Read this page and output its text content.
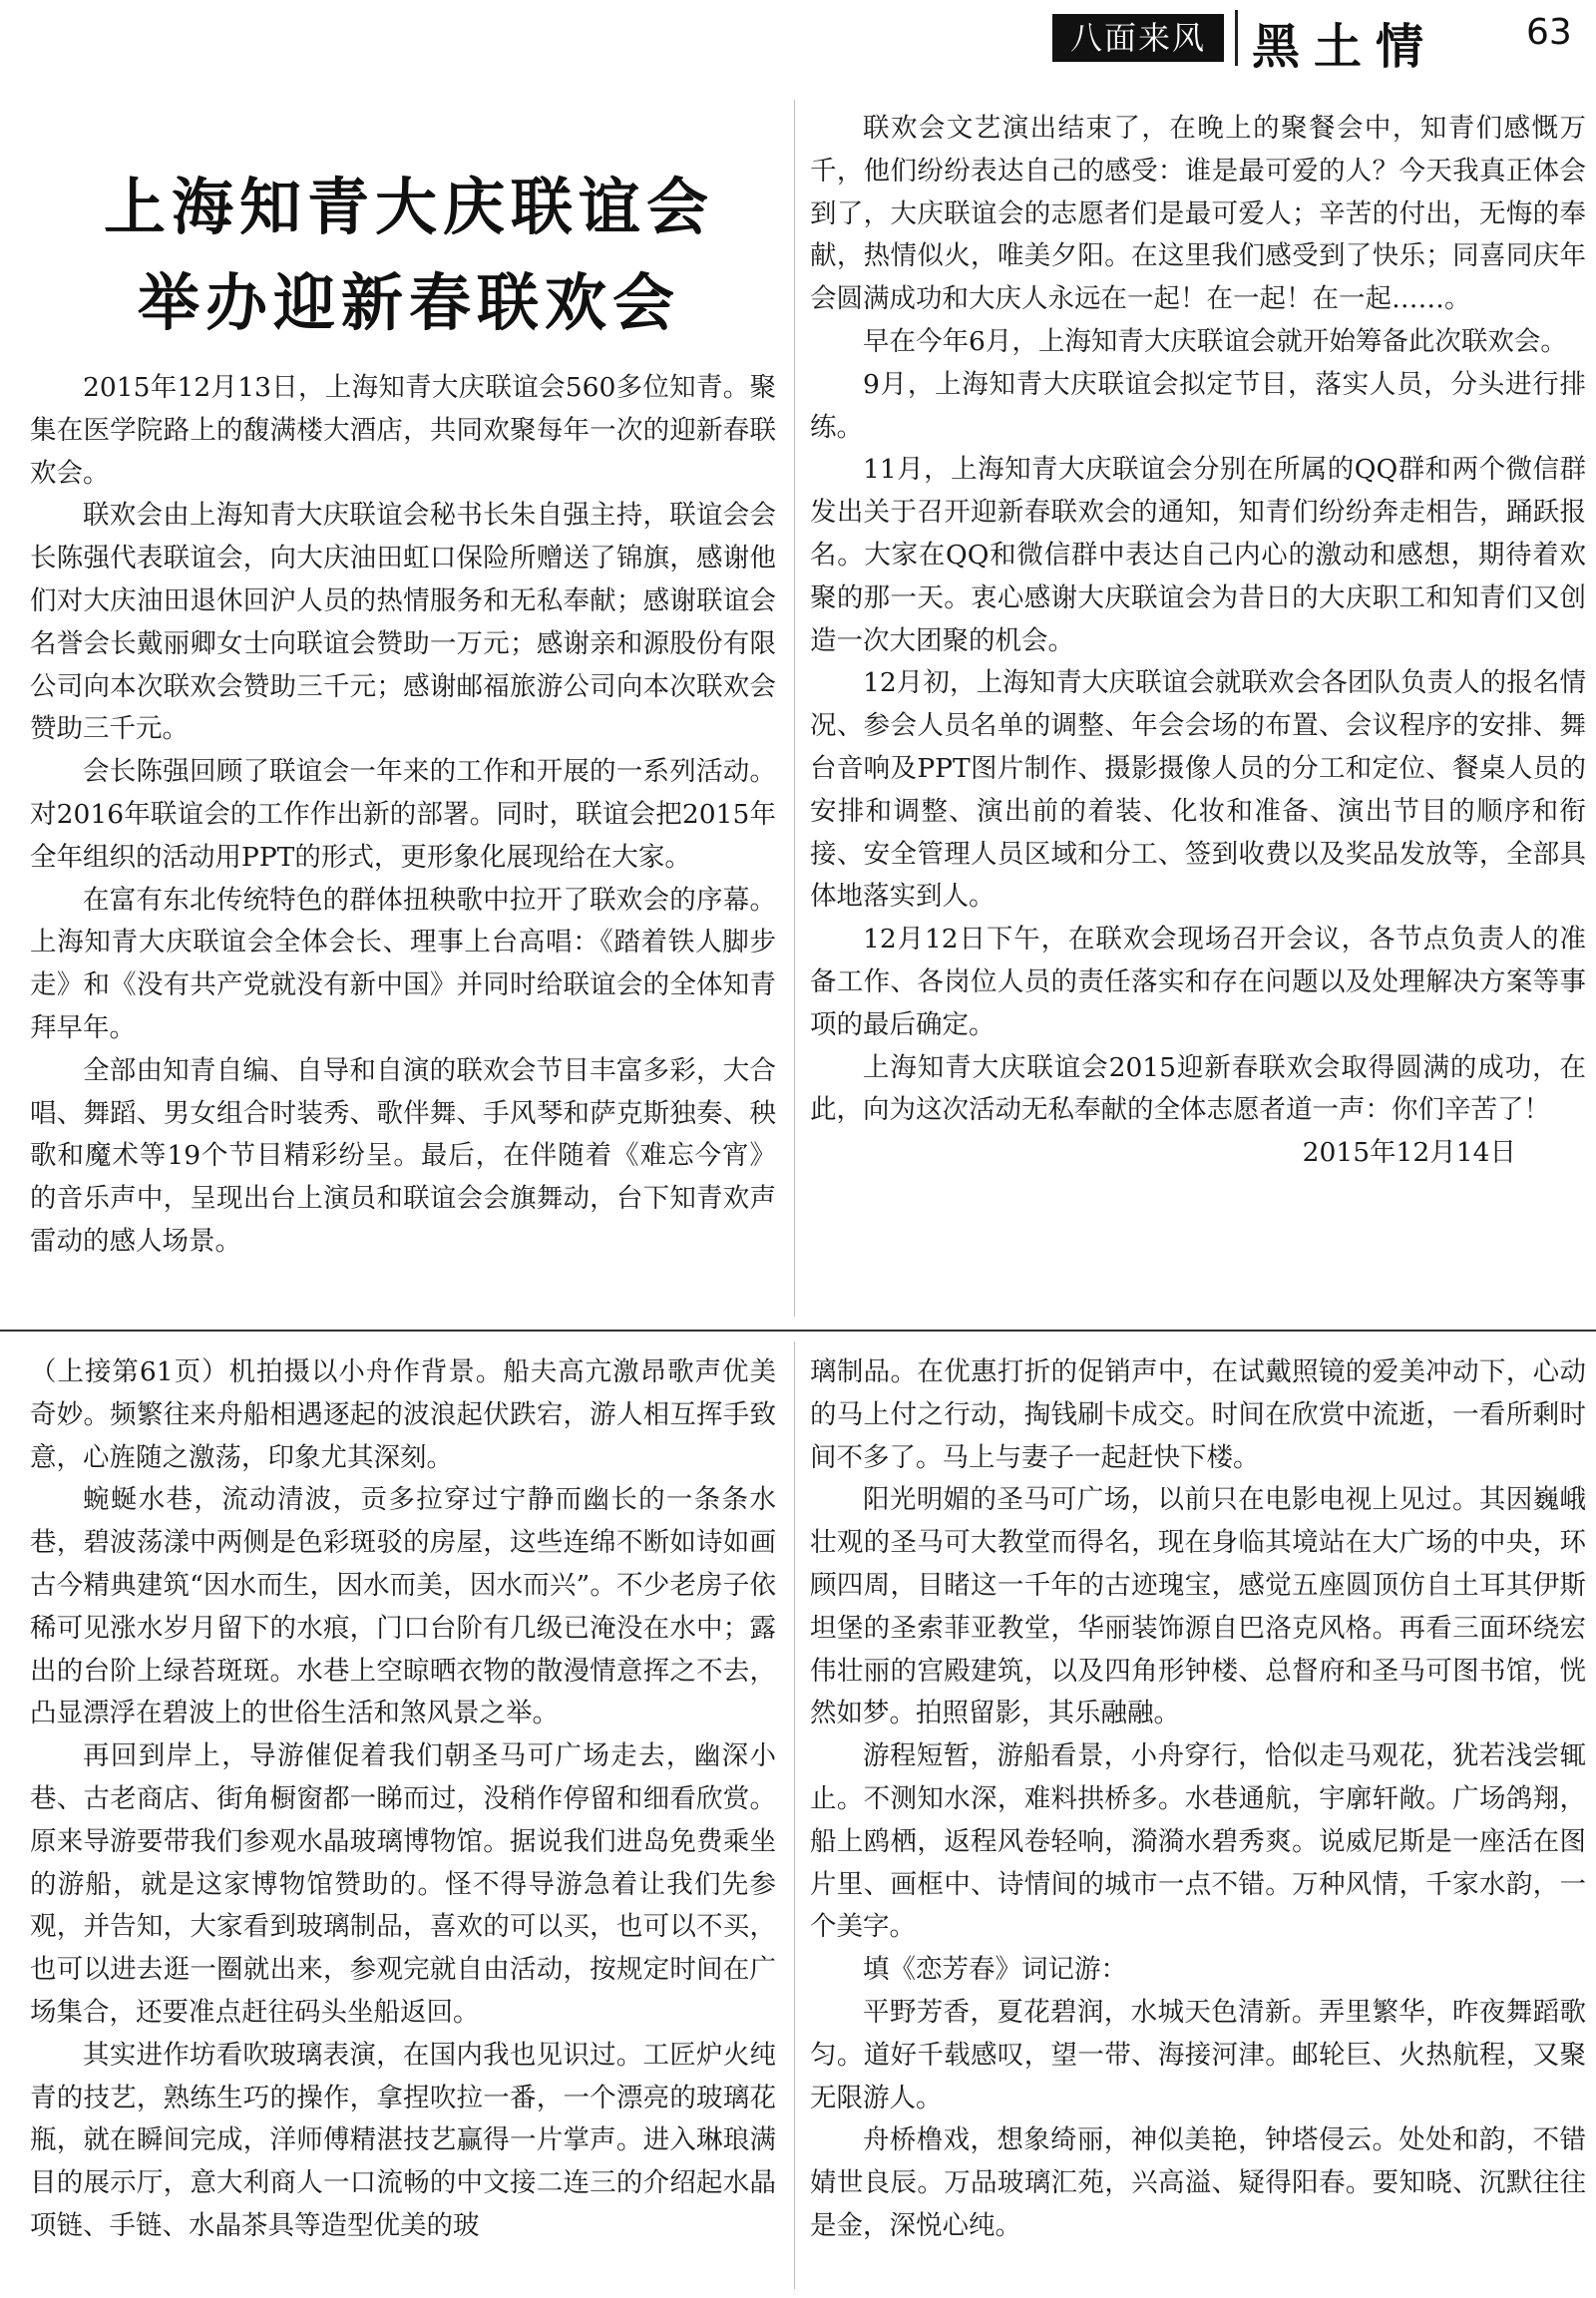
八面来风 黑土情 63
上海知青大庆联谊会
举办迎新春联欢会

2015年12月13日，上海知青大庆联谊会560多位知青。聚集在医学院路上的馥满楼大酒店，共同欢聚每年一次的迎新春联欢会。

联欢会由上海知青大庆联谊会秘书长朱自强主持，联谊会会长陈强代表联谊会，向大庆油田虹口保险所赠送了锦旗，感谢他们对大庆油田退休回沪人员的热情服务和无私奉献；感谢联谊会名誉会长戴丽卿女士向联谊会赞助一万元；感谢亲和源股份有限公司向本次联欢会赞助三千元；感谢邮福旅游公司向本次联欢会赞助三千元。

会长陈强回顾了联谊会一年来的工作和开展的一系列活动。对2016年联谊会的工作作出新的部署。同时，联谊会把2015年全年组织的活动用PPT的形式，更形象化展现给在大家。

在富有东北传统特色的群体扭秧歌中拉开了联欢会的序幕。上海知青大庆联谊会全体会长、理事上台高唱：《踏着铁人脚步走》和《没有共产党就没有新中国》并同时给联谊会的全体知青拜早年。

全部由知青自编、自导和自演的联欢会节目丰富多彩，大合唱、舞蹈、男女组合时装秀、歌伴舞、手风琴和萨克斯独奏、秧歌和魔术等19个节目精彩纷呈。最后，在伴随着《难忘今宵》的音乐声中，呈现出台上演员和联谊会会旗舞动，台下知青欢声雷动的感人场景。

联欢会文艺演出结束了，在晚上的聚餐会中，知青们感慨万千，他们纷纷表达自己的感受：谁是最可爱的人？今天我真正体会到了，大庆联谊会的志愿者们是最可爱人；辛苦的付出，无悔的奉献，热情似火，唯美夕阳。在这里我们感受到了快乐；同喜同庆年会圆满成功和大庆人永远在一起！在一起！在一起……。

早在今年6月，上海知青大庆联谊会就开始筹备此次联欢会。

9月，上海知青大庆联谊会拟定节目，落实人员，分头进行排练。

11月，上海知青大庆联谊会分别在所属的QQ群和两个微信群发出关于召开迎新春联欢会的通知，知青们纷纷奔走相告，踊跃报名。大家在QQ和微信群中表达自己内心的激动和感想，期待着欢聚的那一天。衷心感谢大庆联谊会为昔日的大庆职工和知青们又创造一次大团聚的机会。

12月初，上海知青大庆联谊会就联欢会各团队负责人的报名情况、参会人员名单的调整、年会会场的布置、会议程序的安排、舞台音响及PPT图片制作、摄影摄像人员的分工和定位、餐桌人员的安排和调整、演出前的着装、化妆和准备、演出节目的顺序和衔接、安全管理人员区域和分工、签到收费以及奖品发放等，全部具体地落实到人。

12月12日下午，在联欢会现场召开会议，各节点负责人的准备工作、各岗位人员的责任落实和存在问题以及处理解决方案等事项的最后确定。

上海知青大庆联谊会2015迎新春联欢会取得圆满的成功，在此，向为这次活动无私奉献的全体志愿者道一声：你们辛苦了！

2015年12月14日

（上接第61页）机拍摄以小舟作背景。船夫高亢激昂歌声优美奇妙。频繁往来舟船相遇逐起的波浪起伏跌宕，游人相互挥手致意，心旌随之激荡，印象尤其深刻。

蜿蜒水巷，流动清波，贡多拉穿过宁静而幽长的一条条水巷，碧波荡漾中两侧是色彩斑驳的房屋，这些连绵不断如诗如画古今精典建筑“因水而生，因水而美，因水而兴”。不少老房子依稀可见涨水岁月留下的水痕，门口台阶有几级已淹没在水中；露出的台阶上绿苔斑斑。水巷上空晾晒衣物的散漫情意挥之不去，凸显漂浮在碧波上的世俗生活和煞风景之举。

再回到岸上，导游催促着我们朝圣马可广场走去，幽深小巷、古老商店、街角橱窗都一睇而过，没稍作停留和细看欣赏。原来导游要带我们参观水晶玻璃博物馆。据说我们进岛免费乘坐的游船，就是这家博物馆赞助的。怪不得导游急着让我们先参观，并告知，大家看到玻璃制品，喜欢的可以买，也可以不买，也可以进去逛一圈就出来，参观完就自由活动，按规定时间在广场集合，还要准点赶往码头坐船返回。

其实进作坊看吹玻璃表演，在国内我也见识过。工匠炉火纯青的技艺，熟练生巧的操作，拿捏吹拉一番，一个漂亮的玻璃花瓶，就在瞬间完成，洋师傅精湛技艺赢得一片掌声。进入琳琅满目的展示厅，意大利商人一口流畅的中文接二连三的介绍起水晶项链、手链、水晶茶具等造型优美的玻

璃制品。在优惠打折的促销声中，在试戴照镜的爱美冲动下，心动的马上付之行动，掏钱刷卡成交。时间在欣赏中流逝，一看所剩时间不多了。马上与妻子一起赶快下楼。

阳光明媚的圣马可广场，以前只在电影电视上见过。其因巍峨壮观的圣马可大教堂而得名，现在身临其境站在大广场的中央，环顾四周，目睹这一千年的古迹瑰宝，感觉五座圆顶仿自土耳其伊斯坦堡的圣索菲亚教堂，华丽装饰源自巴洛克风格。再看三面环绕宏伟壮丽的宫殿建筑，以及四角形钟楼、总督府和圣马可图书馆，恍然如梦。拍照留影，其乐融融。

游程短暂，游船看景，小舟穿行，恰似走马观花，犹若浅尝辄止。不测知水深，难料拱桥多。水巷通航，宇廓轩敞。广场鸽翔，船上鸥栖，返程风卷轻响，漪漪水碧秀爽。说威尼斯是一座活在图片里、画框中、诗情间的城市一点不错。万种风情，千家水韵，一个美字。

填《恋芳春》词记游：

平野芳香，夏花碧润，水城天色清新。弄里繁华，昨夜舞蹈歌匀。道好千载感叹，望一带、海接河津。邮轮巨、火热航程，又聚无限游人。

舟桥橹戏，想象绮丽，神似美艳，钟塔侵云。处处和韵，不错婧世良辰。万品玻璃汇苑，兴高溢、疑得阳春。要知晓、沉默往往是金，深悦心纯。
